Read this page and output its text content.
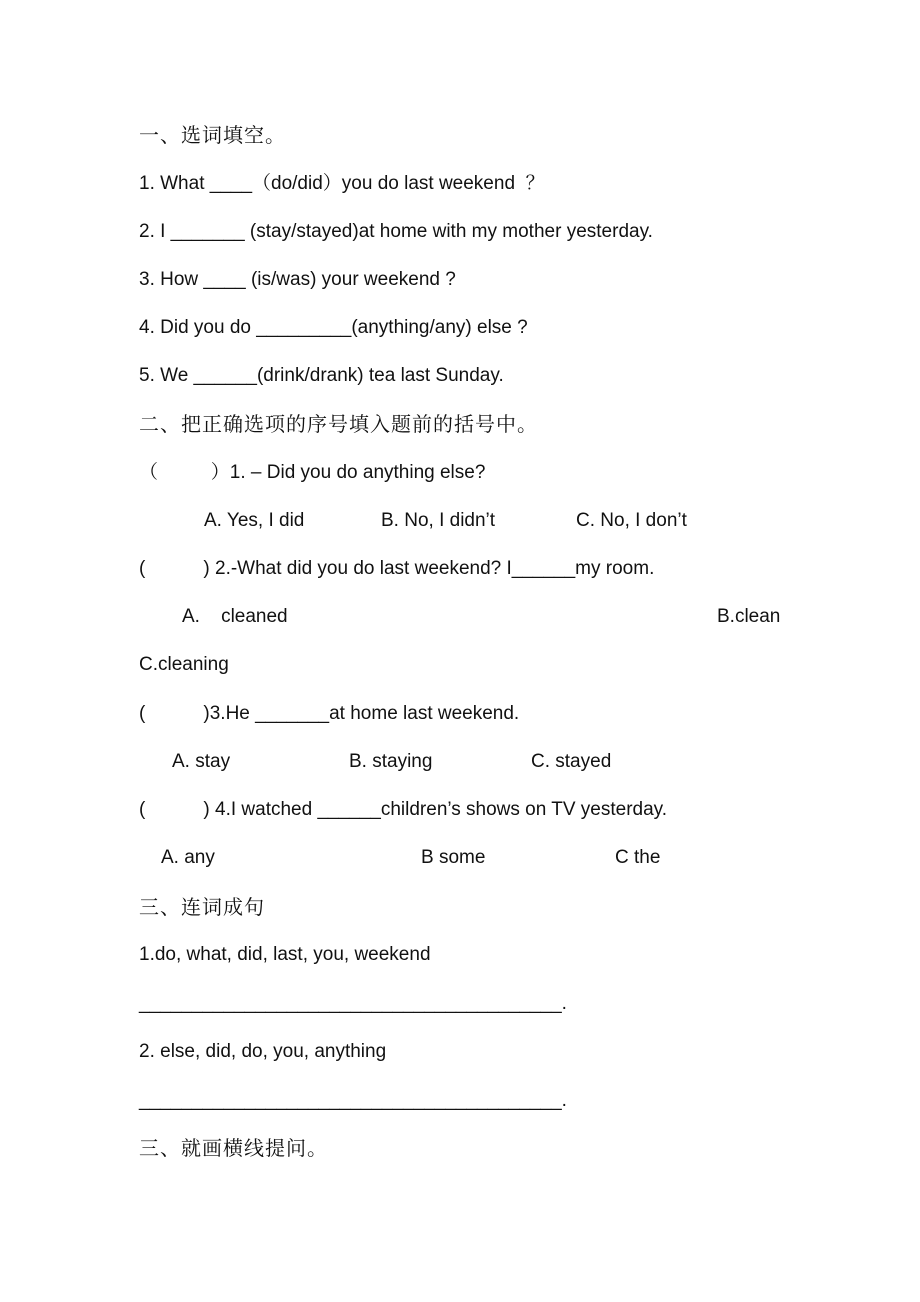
一、选词填空。
1. What ____（do/did）you do last weekend  ？
2. I _______ (stay/stayed)at home with my mother yesterday.
3. How ____ (is/was) your weekend ?
4. Did you do _________(anything/any) else ?
5. We ______(drink/drank) tea last Sunday.
二、把正确选项的序号填入题前的括号中。
（          ）1. – Did you do anything else?
A. Yes, I did	B. No, I didn’t	C. No, I don’t
(           ) 2.-What did you do last weekend? I______my room.
A.    cleaned	B.clean
C.cleaning
(           )3.He _______at home last weekend.
A. stay	B. staying	C. stayed
(           ) 4.I watched ______children’s shows on TV yesterday.
A. any	B some	C the
三、连词成句
1.do, what, did, last, you, weekend
________________________________________.
2. else, did, do, you, anything
________________________________________.
三、就画横线提问。
